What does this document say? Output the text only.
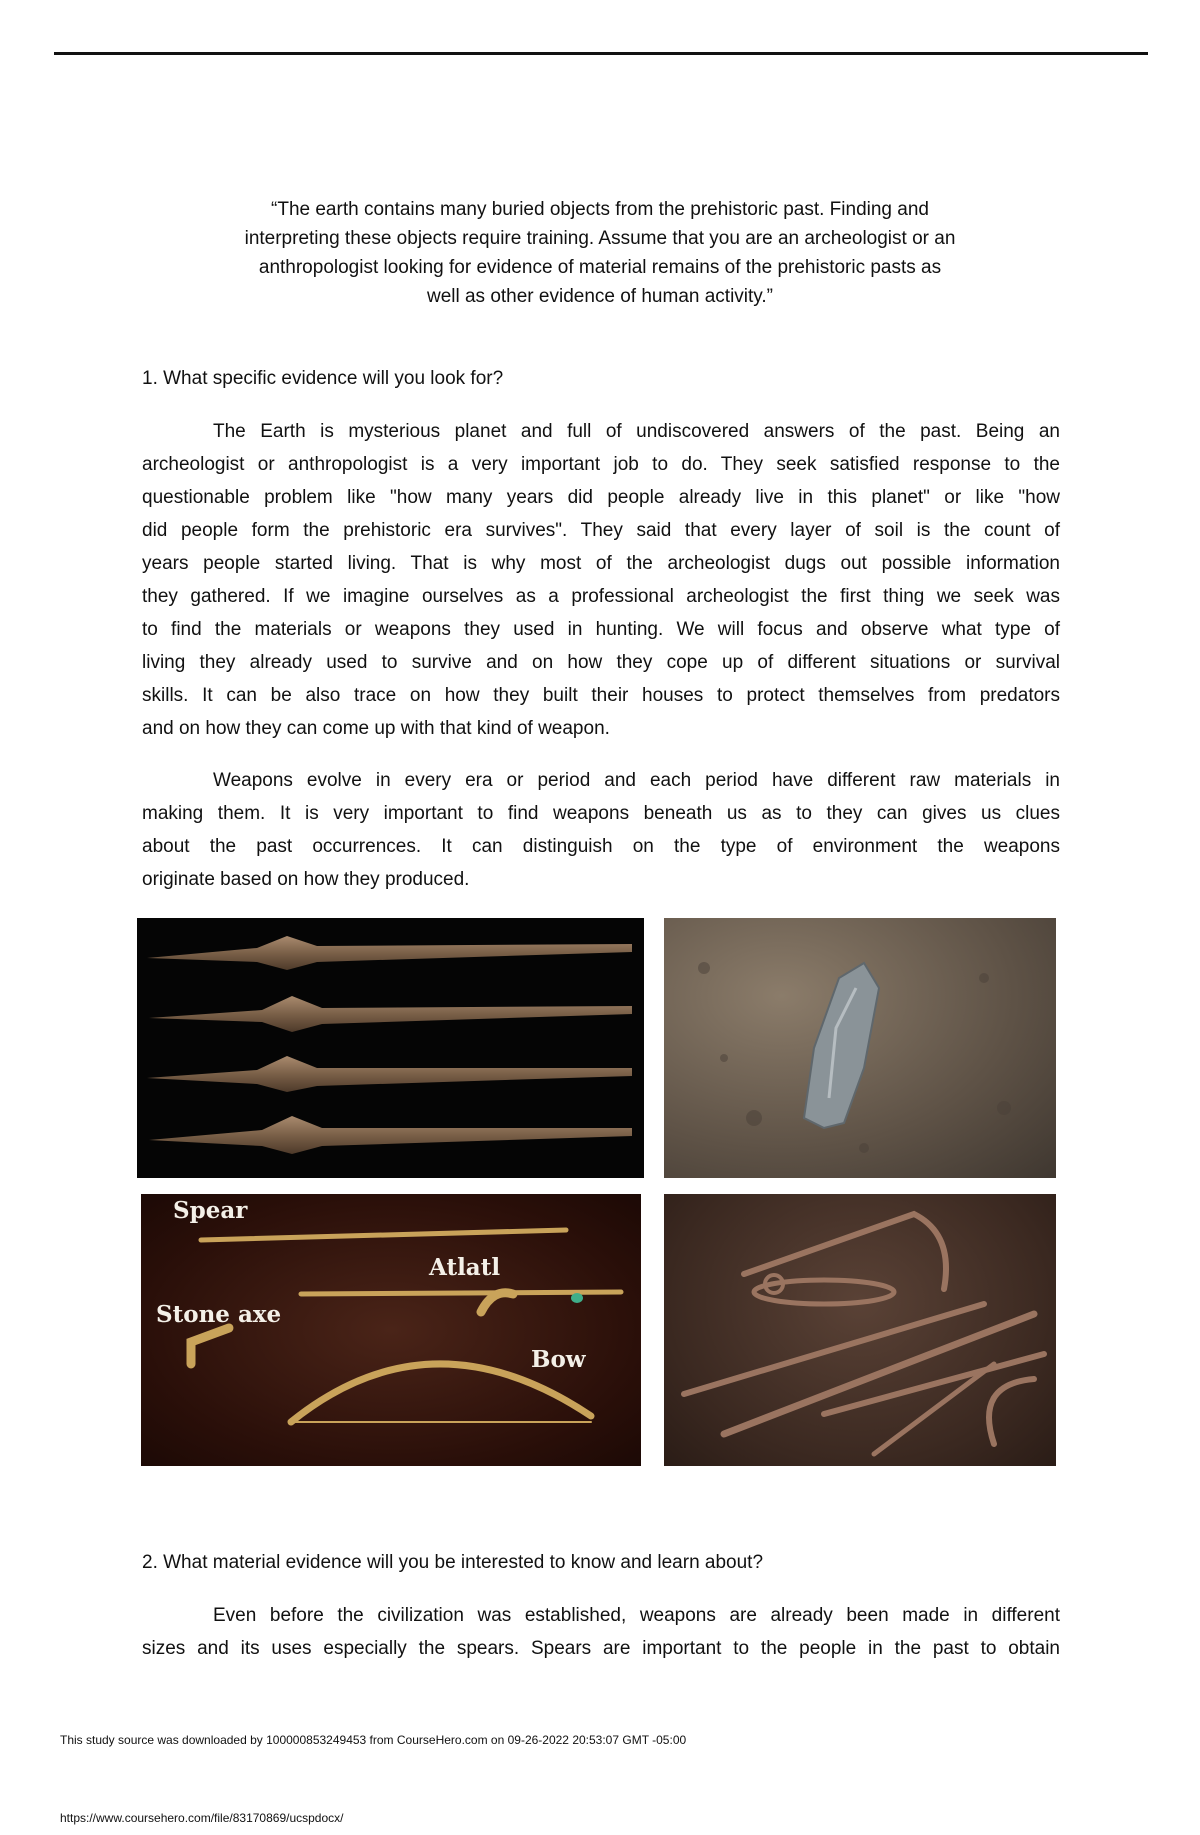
“The earth contains many buried objects from the prehistoric past. Finding and
interpreting these objects require training. Assume that you are an archeologist or an
anthropologist looking for evidence of material remains of the prehistoric pasts as
well as other evidence of human activity.”
1. What specific evidence will you look for?
The Earth is mysterious planet and full of undiscovered answers of the past. Being an
archeologist or anthropologist is a very important job to do. They seek satisfied response to the
questionable problem like "how many years did people already live in this planet" or like "how
did people form the prehistoric era survives". They said that every layer of soil is the count of
years people started living. That is why most of the archeologist dugs out possible information
they gathered. If we imagine ourselves as a professional archeologist the first thing we seek was
to find the materials or weapons they used in hunting. We will focus and observe what type of
living they already used to survive and on how they cope up of different situations or survival
skills. It can be also trace on how they built their houses to protect themselves from predators
and on how they can come up with that kind of weapon.
Weapons evolve in every era or period and each period have different raw materials in
making them. It is very important to find weapons beneath us as to they can gives us clues
about the past occurrences. It can distinguish on the type of environment the weapons
originate based on how they produced.
Spear
Atlatl
Stone axe
Bow
2. What material evidence will you be interested to know and learn about?
Even before the civilization was established, weapons are already been made in different
sizes and its uses especially the spears. Spears are important to the people in the past to obtain
This study source was downloaded by 100000853249453 from CourseHero.com on 09-26-2022 20:53:07 GMT -05:00
https://www.coursehero.com/file/83170869/ucspdocx/
